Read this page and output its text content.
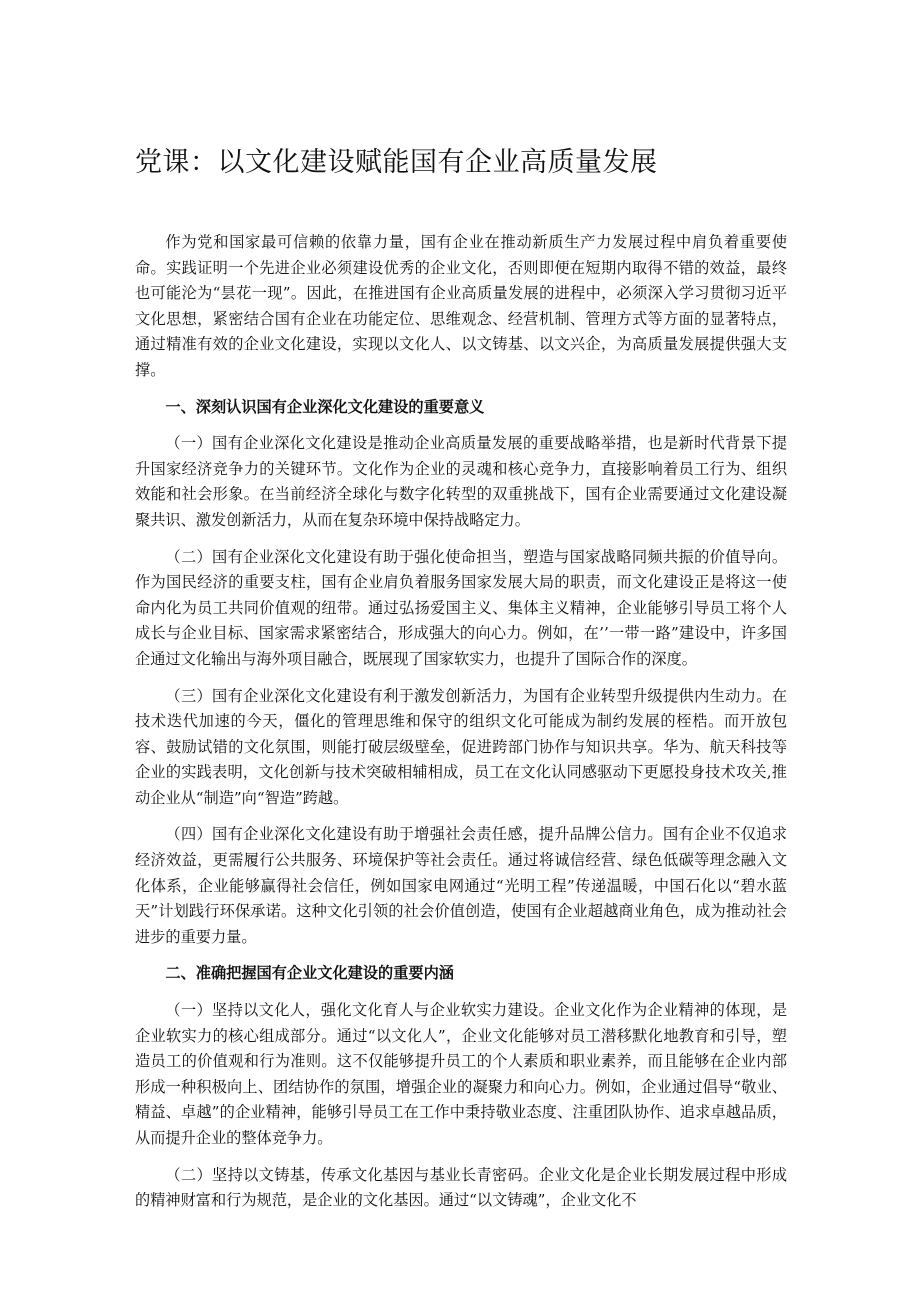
党课：以文化建设赋能国有企业高质量发展

作为党和国家最可信赖的依靠力量，国有企业在推动新质生产力发展过程中肩负着重要使命。实践证明一个先进企业必须建设优秀的企业文化，否则即便在短期内取得不错的效益，最终也可能沦为“昙花一现”。因此，在推进国有企业高质量发展的进程中，必须深入学习贯彻习近平文化思想，紧密结合国有企业在功能定位、思维观念、经营机制、管理方式等方面的显著特点，通过精准有效的企业文化建设，实现以文化人、以文铸基、以文兴企，为高质量发展提供强大支撑。

一、深刻认识国有企业深化文化建设的重要意义

（一）国有企业深化文化建设是推动企业高质量发展的重要战略举措，也是新时代背景下提升国家经济竞争力的关键环节。文化作为企业的灵魂和核心竞争力，直接影响着员工行为、组织效能和社会形象。在当前经济全球化与数字化转型的双重挑战下，国有企业需要通过文化建设凝聚共识、激发创新活力，从而在复杂环境中保持战略定力。

（二）国有企业深化文化建设有助于强化使命担当，塑造与国家战略同频共振的价值导向。作为国民经济的重要支柱，国有企业肩负着服务国家发展大局的职责，而文化建设正是将这一使命内化为员工共同价值观的纽带。通过弘扬爱国主义、集体主义精神，企业能够引导员工将个人成长与企业目标、国家需求紧密结合，形成强大的向心力。例如，在’’一带一路”建设中，许多国企通过文化输出与海外项目融合，既展现了国家软实力，也提升了国际合作的深度。

（三）国有企业深化文化建设有利于激发创新活力，为国有企业转型升级提供内生动力。在技术迭代加速的今天，僵化的管理思维和保守的组织文化可能成为制约发展的桎梏。而开放包容、鼓励试错的文化氛围，则能打破层级壁垒，促进跨部门协作与知识共享。华为、航天科技等企业的实践表明，文化创新与技术突破相辅相成，员工在文化认同感驱动下更愿投身技术攻关,推动企业从“制造”向“智造”跨越。

（四）国有企业深化文化建设有助于增强社会责任感，提升品牌公信力。国有企业不仅追求经济效益，更需履行公共服务、环境保护等社会责任。通过将诚信经营、绿色低碳等理念融入文化体系，企业能够赢得社会信任，例如国家电网通过“光明工程”传递温暖，中国石化以“碧水蓝天”计划践行环保承诺。这种文化引领的社会价值创造，使国有企业超越商业角色，成为推动社会进步的重要力量。

二、准确把握国有企业文化建设的重要内涵

（一）坚持以文化人，强化文化育人与企业软实力建设。企业文化作为企业精神的体现，是企业软实力的核心组成部分。通过“以文化人”，企业文化能够对员工潜移默化地教育和引导，塑造员工的价值观和行为准则。这不仅能够提升员工的个人素质和职业素养，而且能够在企业内部形成一种积极向上、团结协作的氛围，增强企业的凝聚力和向心力。例如，企业通过倡导“敬业、精益、卓越”的企业精神，能够引导员工在工作中秉持敬业态度、注重团队协作、追求卓越品质，从而提升企业的整体竞争力。

（二）坚持以文铸基，传承文化基因与基业长青密码。企业文化是企业长期发展过程中形成的精神财富和行为规范，是企业的文化基因。通过“以文铸魂”，企业文化不
